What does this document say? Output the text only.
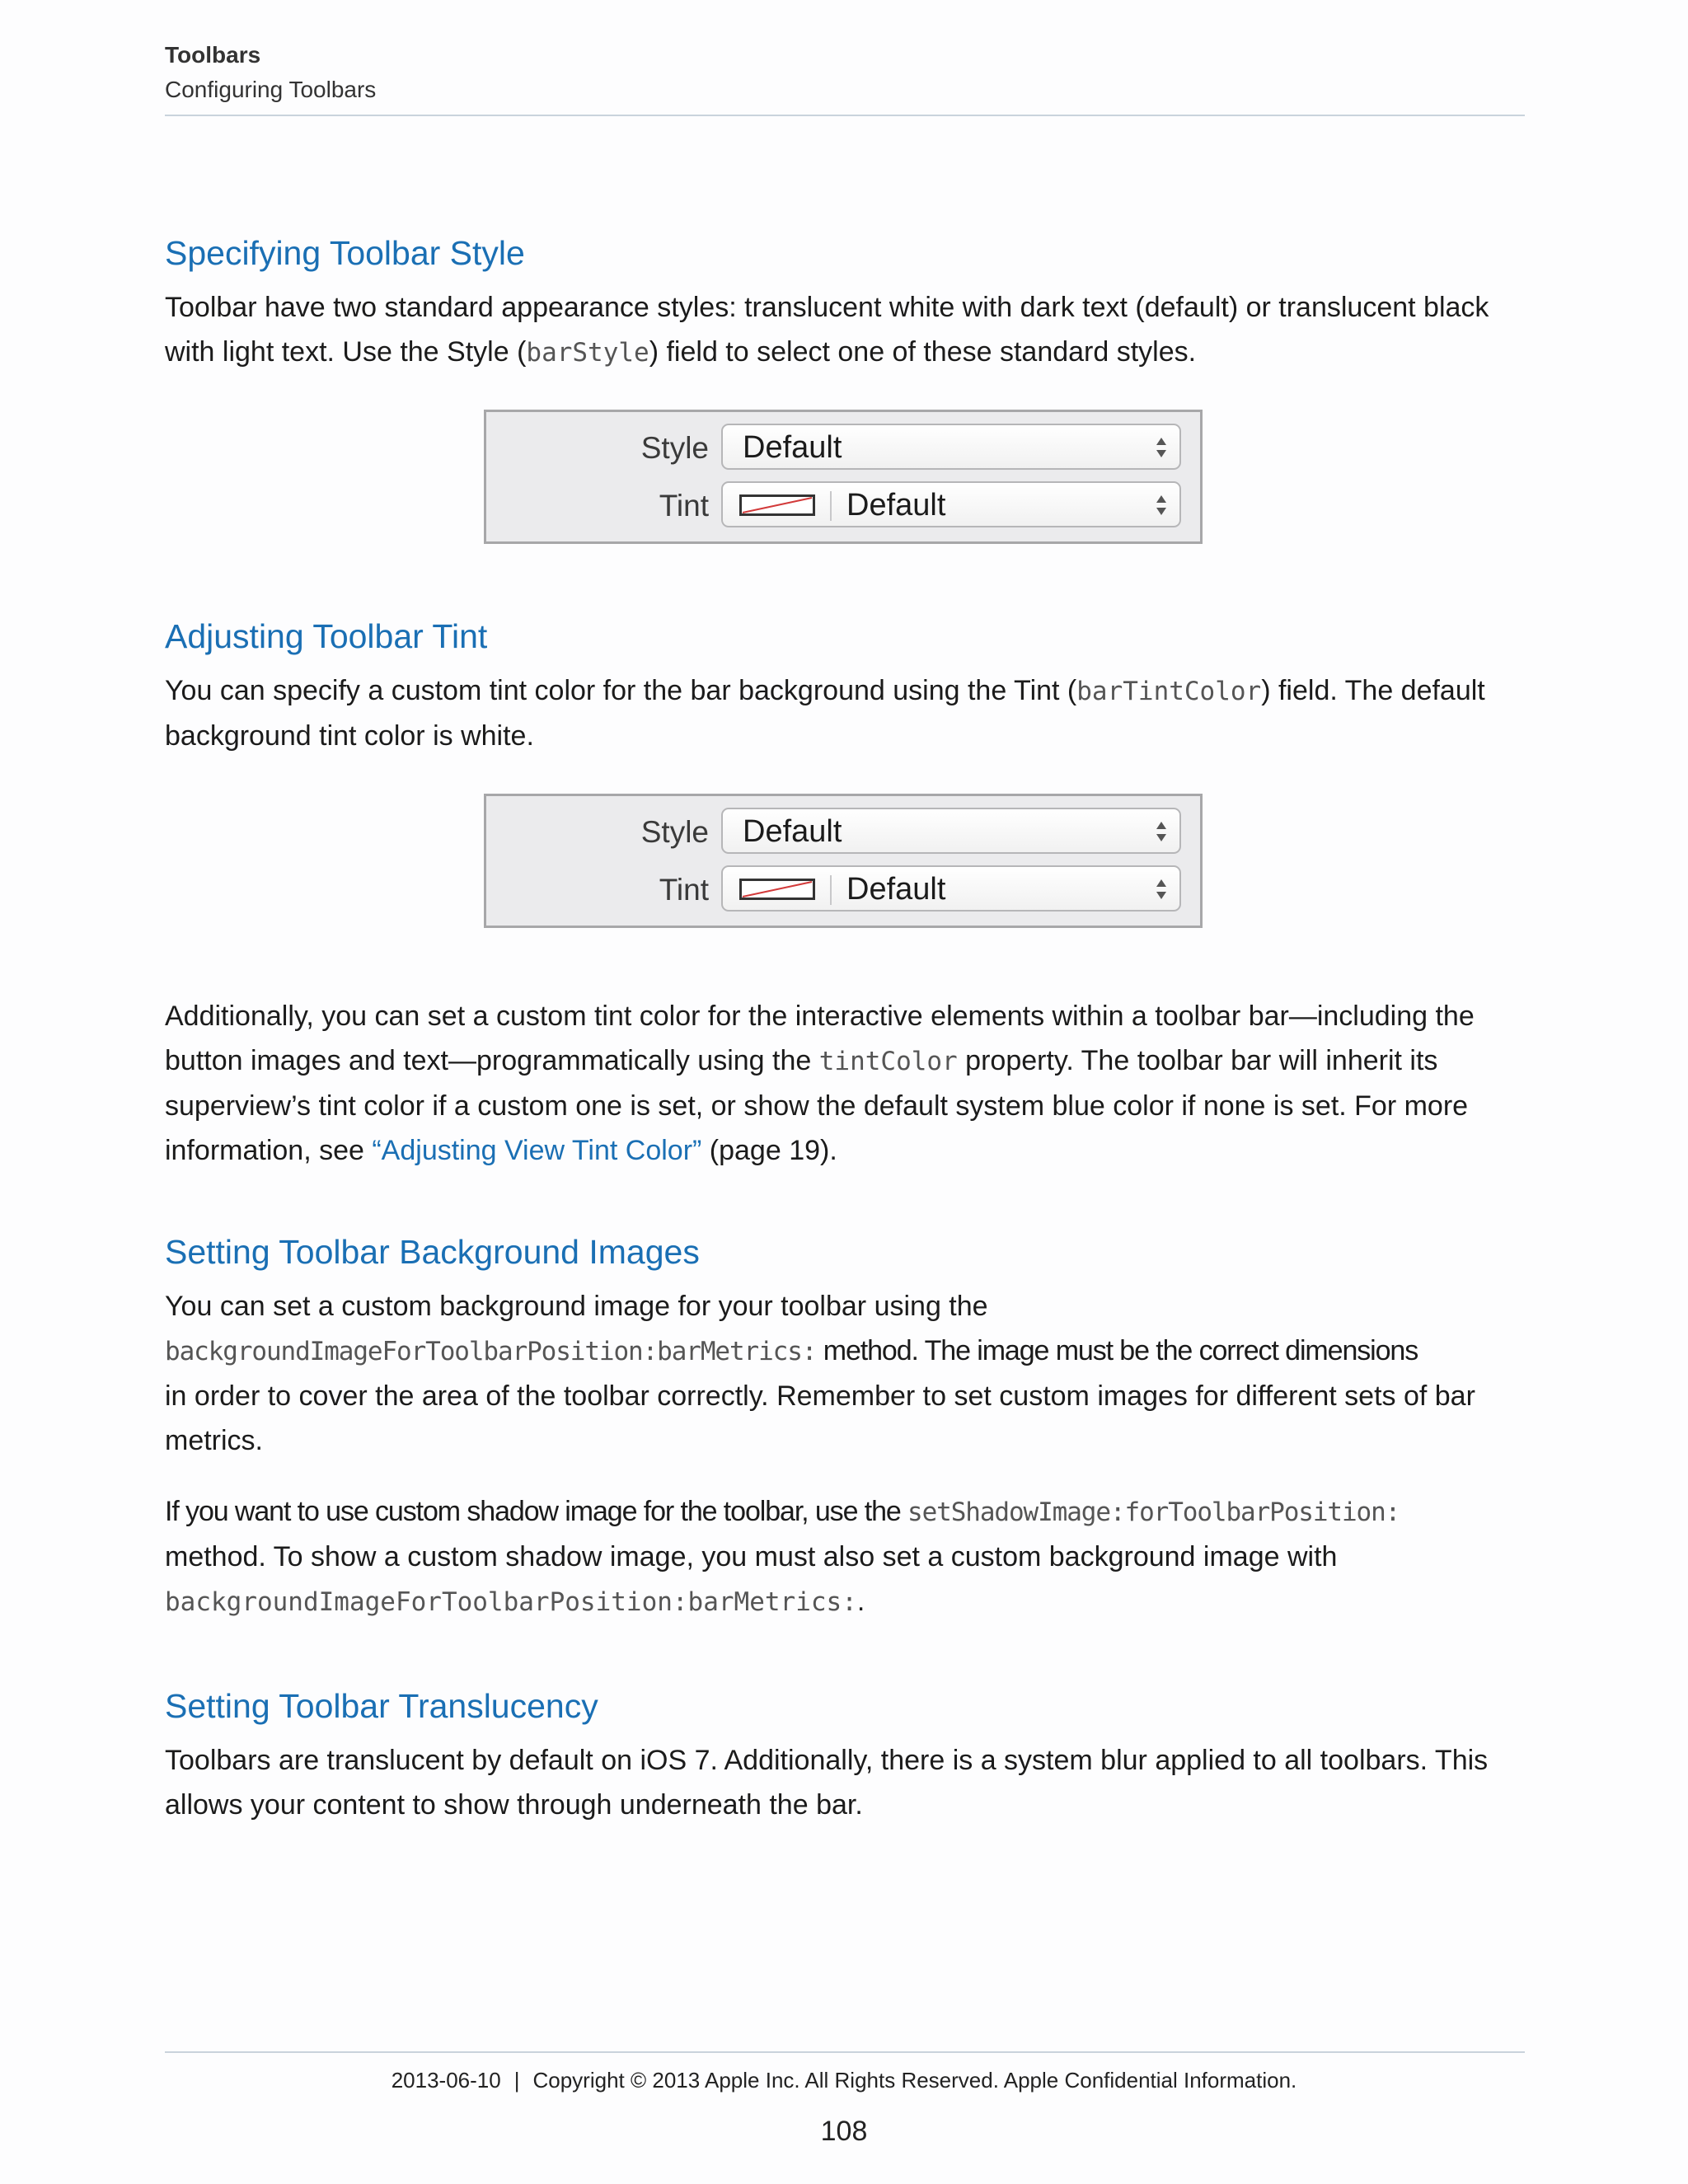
Toolbars
Configuring Toolbars
Specifying Toolbar Style

Toolbar have two standard appearance styles: translucent white with dark text (default) or translucent black

with light text. Use the Style (barStyle) field to select one of these standard styles.

Style Default
Tint	Default
Adjusting Toolbar Tint

You can specify a custom tint color for the bar background using the Tint (barTintColor) field. The default

background tint color is white.

Style Default
Tint	Default

Additionally, you can set a custom tint color for the interactive elements within a toolbar bar—including the

button images and text—programmatically using the tintColor property. The toolbar bar will inherit its

superview’s tint color if a custom one is set, or show the default system blue color if none is set. For more

information, see “Adjusting View Tint Color” (page 19).

Setting Toolbar Background Images

You can set a custom background image for your toolbar using the

backgroundImageForToolbarPosition:barMetrics: method. The image must be the correct dimensions

in order to cover the area of the toolbar correctly. Remember to set custom images for different sets of bar

metrics.

If you want to use custom shadow image for the toolbar, use the setShadowImage:forToolbarPosition:

method. To show a custom shadow image, you must also set a custom background image with

backgroundImageForToolbarPosition:barMetrics:.

Setting Toolbar Translucency

Toolbars are translucent by default on iOS 7. Additionally, there is a system blur applied to all toolbars. This

allows your content to show through underneath the bar.

2013-06-10 | Copyright © 2013 Apple Inc. All Rights Reserved. Apple Confidential Information.
108
